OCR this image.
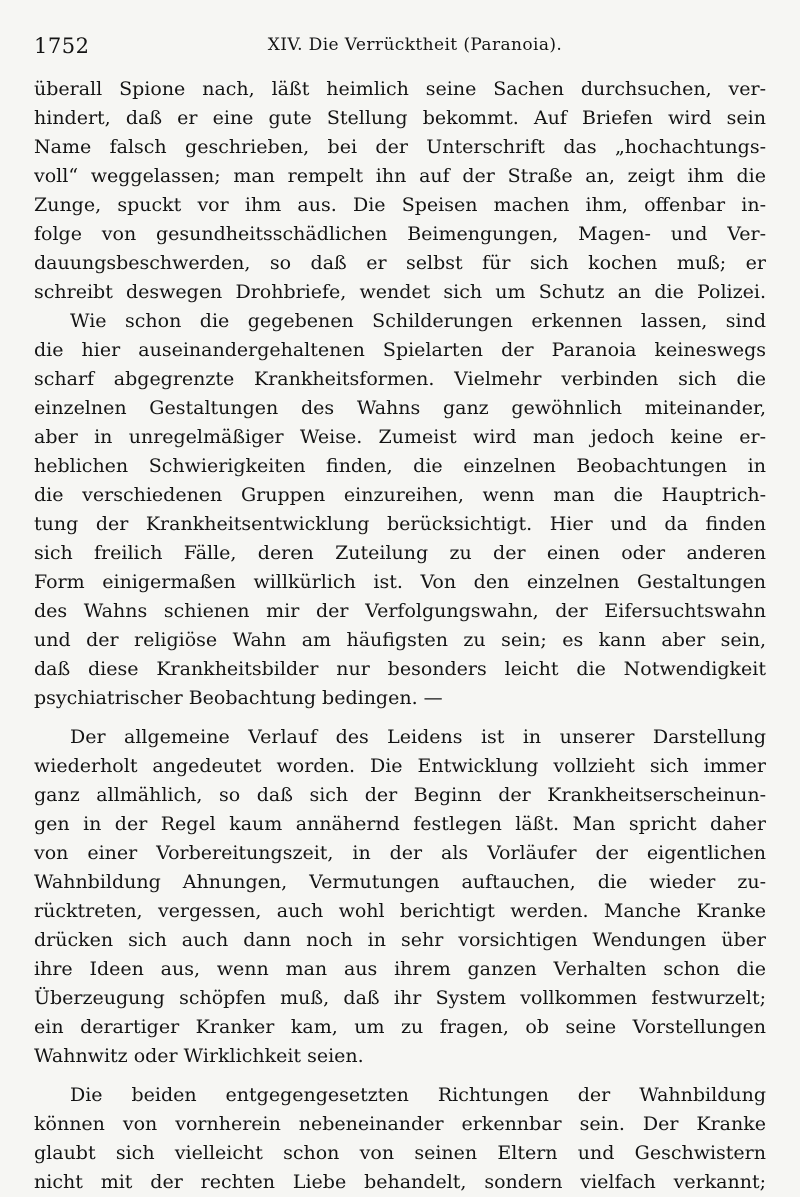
1752	XIV. Die Verrücktheit (Paranoia).
überall Spione nach, läßt heimlich seine Sachen durchsuchen, ver-
hindert, daß er eine gute Stellung bekommt. Auf Briefen wird sein
Name falsch geschrieben, bei der Unterschrift das „hochachtungs-
voll“ weggelassen; man rempelt ihn auf der Straße an, zeigt ihm die
Zunge, spuckt vor ihm aus. Die Speisen machen ihm, offenbar in-
folge von gesundheitsschädlichen Beimengungen, Magen- und Ver-
dauungsbeschwerden, so daß er selbst für sich kochen muß; er
schreibt deswegen Drohbriefe, wendet sich um Schutz an die Polizei.
Wie schon die gegebenen Schilderungen erkennen lassen, sind
die hier auseinandergehaltenen Spielarten der Paranoia keineswegs
scharf abgegrenzte Krankheitsformen. Vielmehr verbinden sich die
einzelnen Gestaltungen des Wahns ganz gewöhnlich miteinander,
aber in unregelmäßiger Weise. Zumeist wird man jedoch keine er-
heblichen Schwierigkeiten finden, die einzelnen Beobachtungen in
die verschiedenen Gruppen einzureihen, wenn man die Hauptrich-
tung der Krankheitsentwicklung berücksichtigt. Hier und da finden
sich freilich Fälle, deren Zuteilung zu der einen oder anderen
Form einigermaßen willkürlich ist. Von den einzelnen Gestaltungen
des Wahns schienen mir der Verfolgungswahn, der Eifersuchtswahn
und der religiöse Wahn am häufigsten zu sein; es kann aber sein,
daß diese Krankheitsbilder nur besonders leicht die Notwendigkeit
psychiatrischer Beobachtung bedingen. —
Der allgemeine Verlauf des Leidens ist in unserer Darstellung
wiederholt angedeutet worden. Die Entwicklung vollzieht sich immer
ganz allmählich, so daß sich der Beginn der Krankheitserscheinun-
gen in der Regel kaum annähernd festlegen läßt. Man spricht daher
von einer Vorbereitungszeit, in der als Vorläufer der eigentlichen
Wahnbildung Ahnungen, Vermutungen auftauchen, die wieder zu-
rücktreten, vergessen, auch wohl berichtigt werden. Manche Kranke
drücken sich auch dann noch in sehr vorsichtigen Wendungen über
ihre Ideen aus, wenn man aus ihrem ganzen Verhalten schon die
Überzeugung schöpfen muß, daß ihr System vollkommen festwurzelt;
ein derartiger Kranker kam, um zu fragen, ob seine Vorstellungen
Wahnwitz oder Wirklichkeit seien.
Die beiden entgegengesetzten Richtungen der Wahnbildung
können von vornherein nebeneinander erkennbar sein. Der Kranke
glaubt sich vielleicht schon von seinen Eltern und Geschwistern
nicht mit der rechten Liebe behandelt, sondern vielfach verkannt;
